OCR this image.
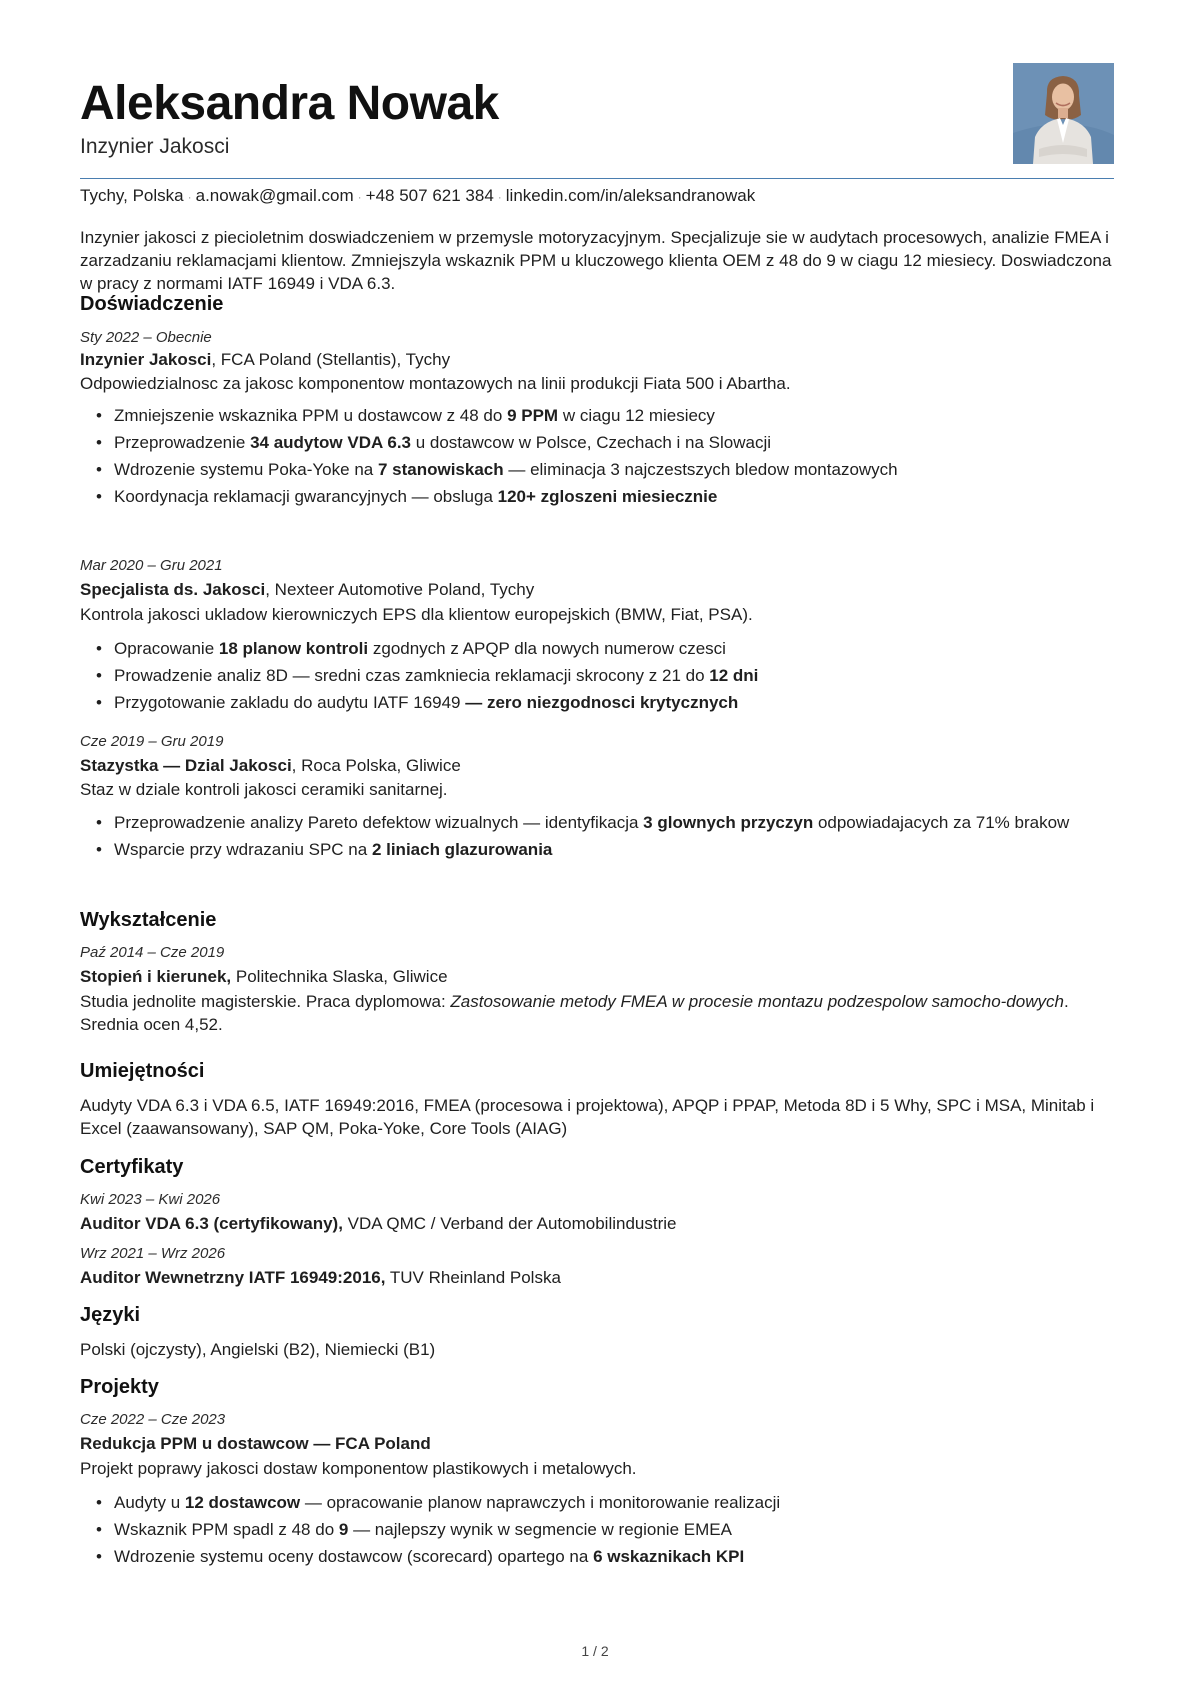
Aleksandra Nowak
Inzynier Jakosci
Tychy, Polska · a.nowak@gmail.com · +48 507 621 384 · linkedin.com/in/aleksandranowak
Inzynier jakosci z piecioletnim doswiadczeniem w przemysle motoryzacyjnym. Specjalizuje sie w audytach procesowych, analizie FMEA i zarzadzaniu reklamacjami klientow. Zmniejszyla wskaznik PPM u kluczowego klienta OEM z 48 do 9 w ciagu 12 miesiecy. Doswiadczona w pracy z normami IATF 16949 i VDA 6.3.
Doświadczenie
Sty 2022 – Obecnie
Inzynier Jakosci, FCA Poland (Stellantis), Tychy
Odpowiedzialnosc za jakosc komponentow montazowych na linii produkcji Fiata 500 i Abartha.
• Zmniejszenie wskaznika PPM u dostawcow z 48 do 9 PPM w ciagu 12 miesiecy
• Przeprowadzenie 34 audytow VDA 6.3 u dostawcow w Polsce, Czechach i na Slowacji
• Wdrozenie systemu Poka-Yoke na 7 stanowiskach — eliminacja 3 najczestszych bledow montazowych
• Koordynacja reklamacji gwarancyjnych — obsluga 120+ zgloszeni miesiecznie
Mar 2020 – Gru 2021
Specjalista ds. Jakosci, Nexteer Automotive Poland, Tychy
Kontrola jakosci ukladow kierowniczych EPS dla klientow europejskich (BMW, Fiat, PSA).
• Opracowanie 18 planow kontroli zgodnych z APQP dla nowych numerow czesci
• Prowadzenie analiz 8D — sredni czas zamkniecia reklamacji skrocony z 21 do 12 dni
• Przygotowanie zakladu do audytu IATF 16949 — zero niezgodnosci krytycznych
Cze 2019 – Gru 2019
Stazystka — Dzial Jakosci, Roca Polska, Gliwice
Staz w dziale kontroli jakosci ceramiki sanitarnej.
• Przeprowadzenie analizy Pareto defektow wizualnych — identyfikacja 3 glownych przyczyn odpowiadajacych za 71% brakow
• Wsparcie przy wdrazaniu SPC na 2 liniach glazurowania
Wykształcenie
Paź 2014 – Cze 2019
Stopień i kierunek, Politechnika Slaska, Gliwice
Studia jednolite magisterskie. Praca dyplomowa: Zastosowanie metody FMEA w procesie montazu podzespolow samocho-dowych. Srednia ocen 4,52.
Umiejętności
Audyty VDA 6.3 i VDA 6.5, IATF 16949:2016, FMEA (procesowa i projektowa), APQP i PPAP, Metoda 8D i 5 Why, SPC i MSA, Minitab i Excel (zaawansowany), SAP QM, Poka-Yoke, Core Tools (AIAG)
Certyfikaty
Kwi 2023 – Kwi 2026
Auditor VDA 6.3 (certyfikowany), VDA QMC / Verband der Automobilindustrie
Wrz 2021 – Wrz 2026
Auditor Wewnetrzny IATF 16949:2016, TUV Rheinland Polska
Języki
Polski (ojczysty), Angielski (B2), Niemiecki (B1)
Projekty
Cze 2022 – Cze 2023
Redukcja PPM u dostawcow — FCA Poland
Projekt poprawy jakosci dostaw komponentow plastikowych i metalowych.
• Audyty u 12 dostawcow — opracowanie planow naprawczych i monitorowanie realizacji
• Wskaznik PPM spadl z 48 do 9 — najlepszy wynik w segmencie w regionie EMEA
• Wdrozenie systemu oceny dostawcow (scorecard) opartego na 6 wskaznikach KPI
1 / 2
